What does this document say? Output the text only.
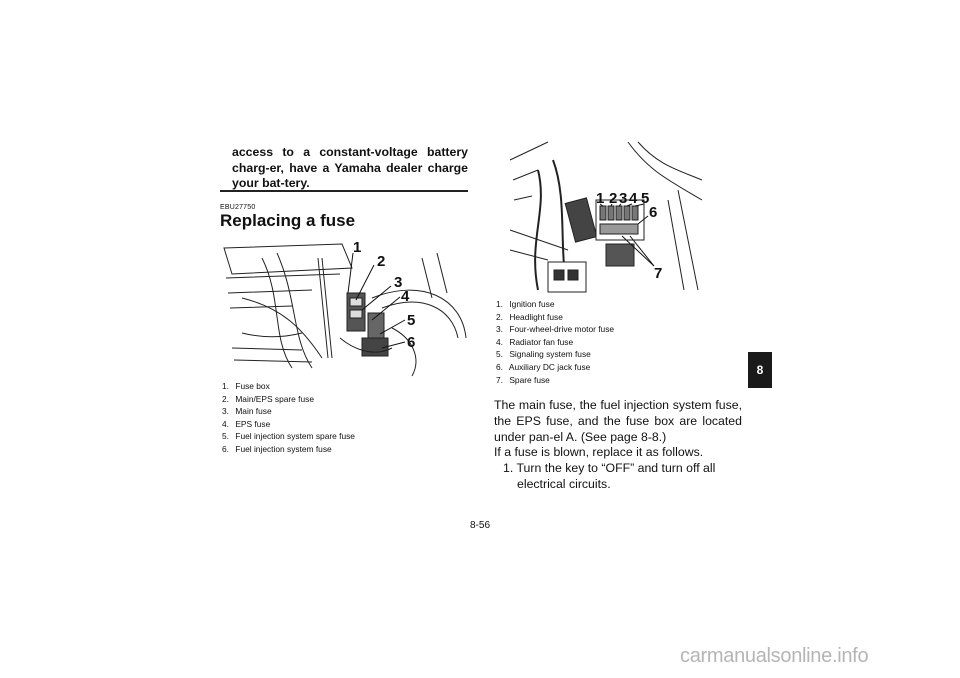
access to a constant-voltage battery charg-er, have a Yamaha dealer charge your bat-tery.
EBU27750
Replacing a fuse
1
2
3
4
5
6
1. Fuse box
2. Main/EPS spare fuse
3. Main fuse
4. EPS fuse
5. Fuel injection system spare fuse
6. Fuel injection system fuse
1 2 3 4 5
6
7
1. Ignition fuse
2. Headlight fuse
3. Four-wheel-drive motor fuse
4. Radiator fan fuse
5. Signaling system fuse
6. Auxiliary DC jack fuse
7. Spare fuse

The main fuse, the fuel injection system fuse, the EPS fuse, and the fuse box are located under pan-el A. (See page 8-8.)

If a fuse is blown, replace it as follows.

1. Turn the key to “OFF” and turn off all electrical circuits.

8-56
8
carmanualsonline.info
